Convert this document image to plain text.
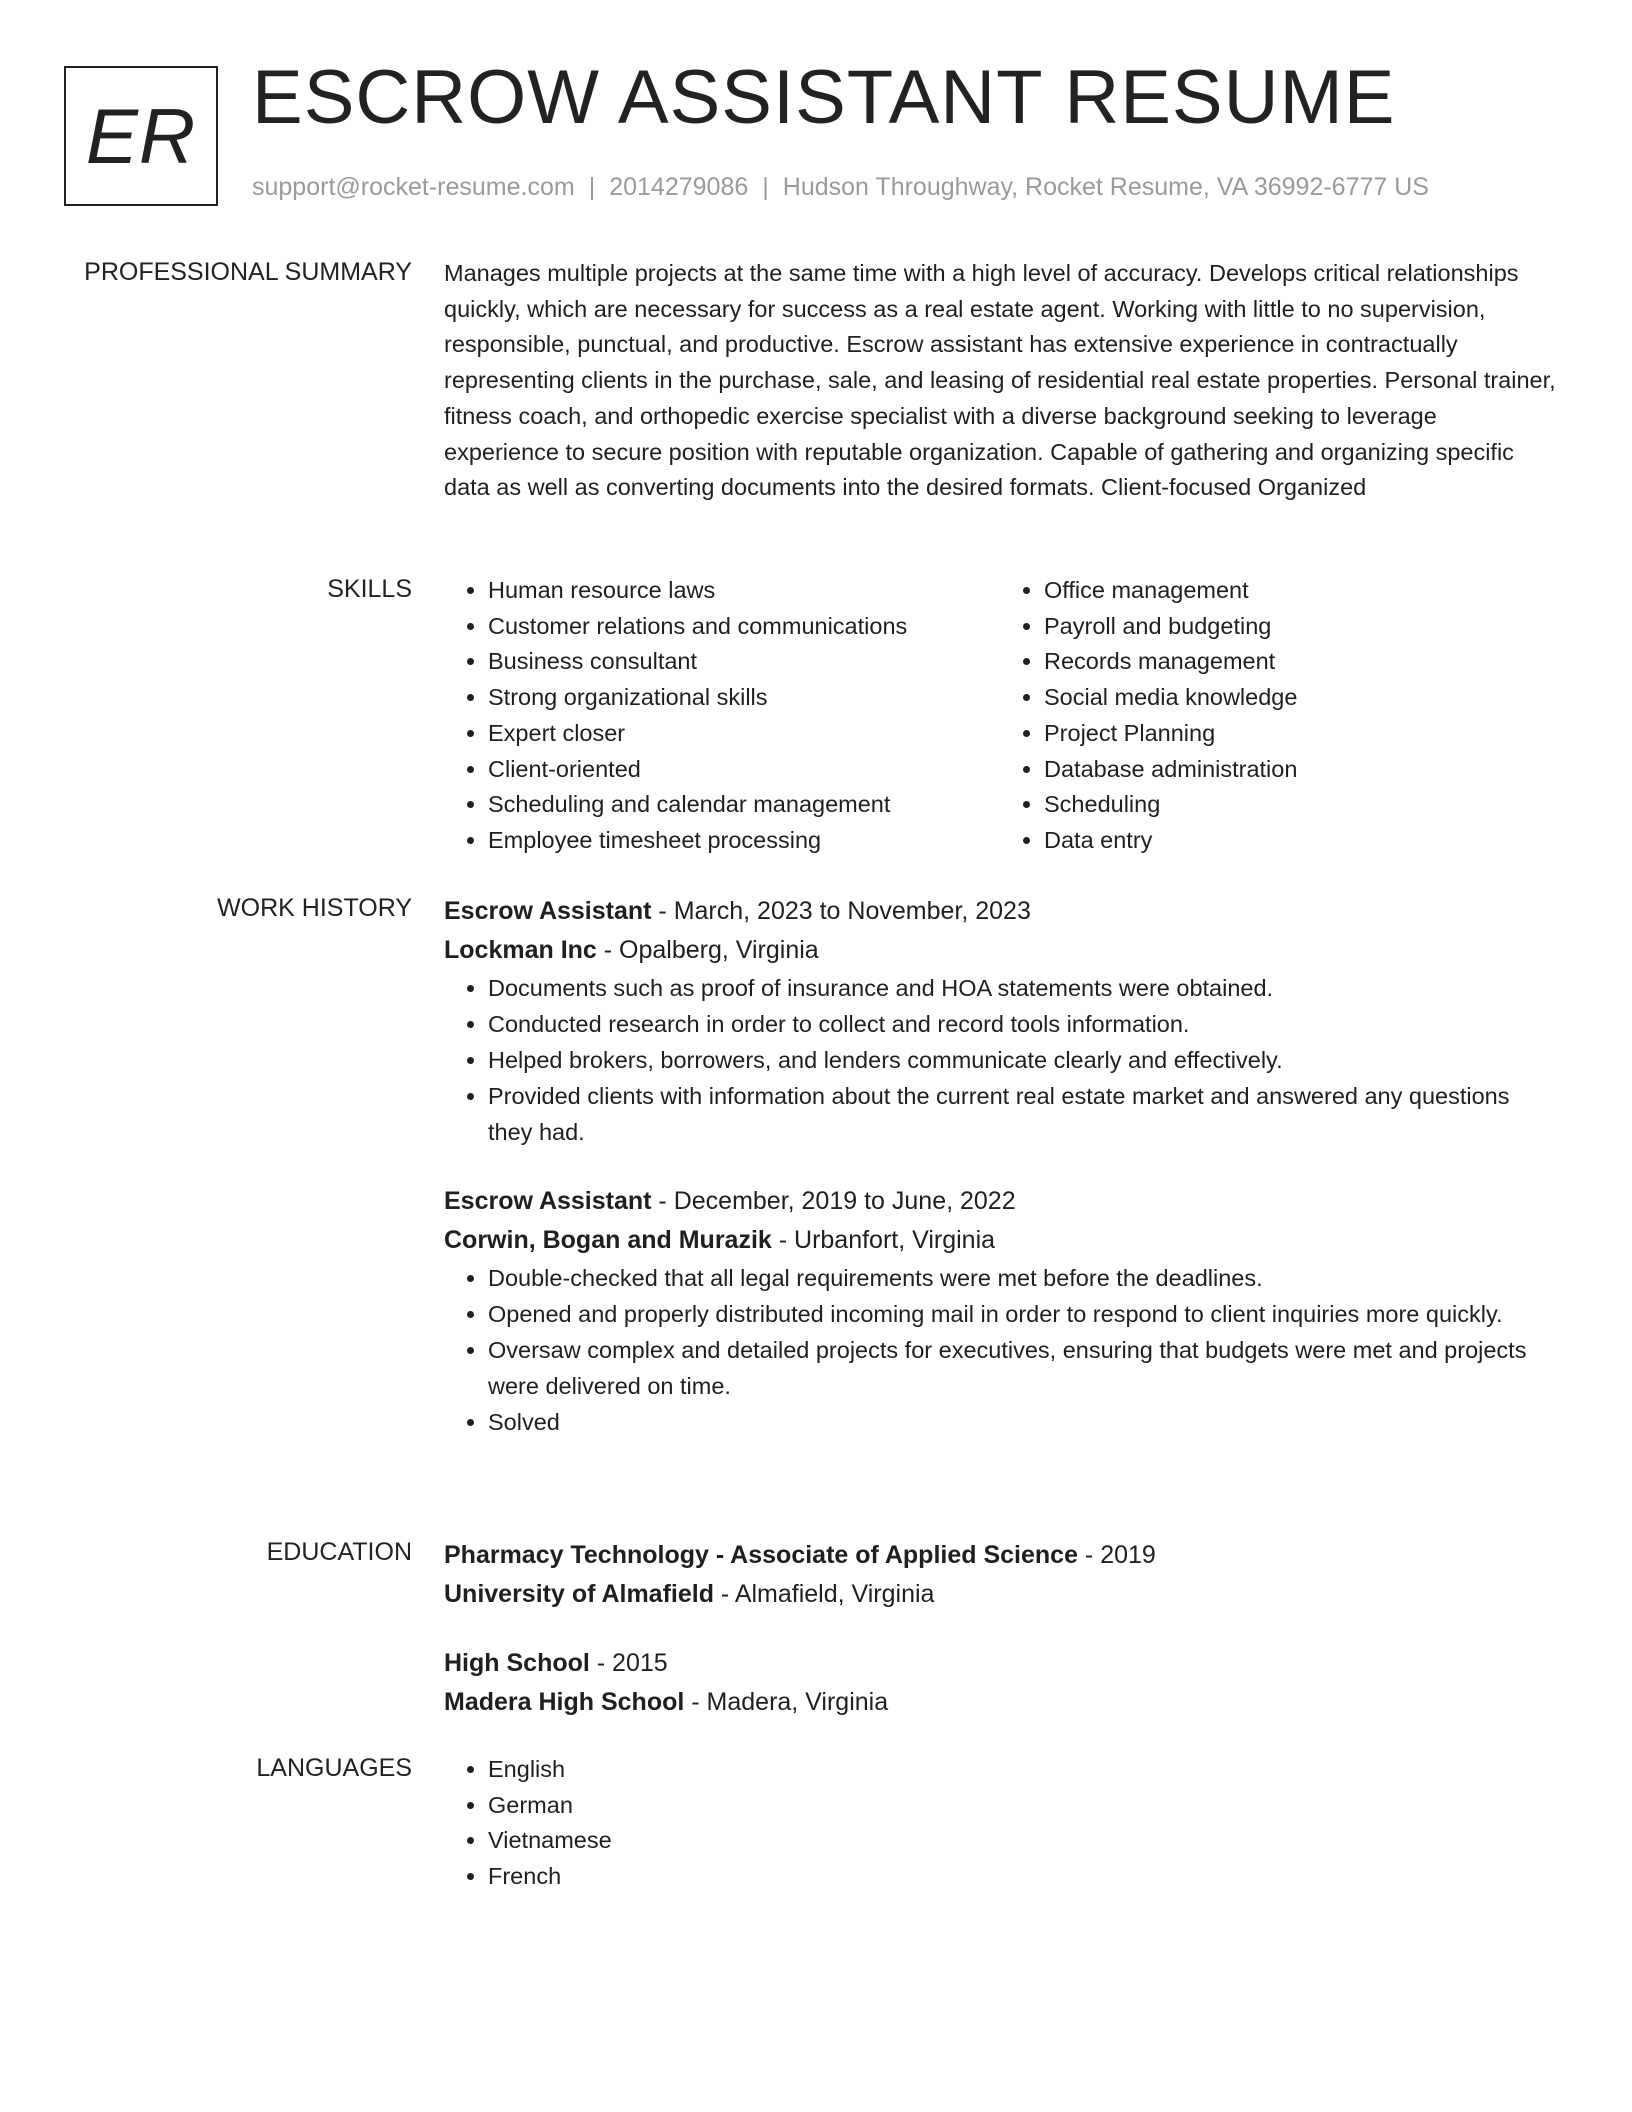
ER ESCROW ASSISTANT RESUME
support@rocket-resume.com | 2014279086 | Hudson Throughway, Rocket Resume, VA 36992-6777 US
PROFESSIONAL SUMMARY Manages multiple projects at the same time with a high level of accuracy. Develops critical relationships quickly, which are necessary for success as a real estate agent. Working with little to no supervision, responsible, punctual, and productive. Escrow assistant has extensive experience in contractually representing clients in the purchase, sale, and leasing of residential real estate properties. Personal trainer, fitness coach, and orthopedic exercise specialist with a diverse background seeking to leverage experience to secure position with reputable organization. Capable of gathering and organizing specific data as well as converting documents into the desired formats. Client-focused Organized

SKILLS	• Human resource laws
• Customer relations and communications
• Business consultant
• Strong organizational skills
• Expert closer
• Client-oriented
• Scheduling and calendar management
• Employee timesheet processing
• Office management
• Payroll and budgeting
• Records management
• Social media knowledge
• Project Planning
• Database administration
• Scheduling
• Data entry
WORK HISTORY Escrow Assistant - March, 2023 to November, 2023
Lockman Inc - Opalberg, Virginia
• Documents such as proof of insurance and HOA statements were obtained.
• Conducted research in order to collect and record tools information.
• Helped brokers, borrowers, and lenders communicate clearly and effectively.
• Provided clients with information about the current real estate market and answered any questions they had.
Escrow Assistant - December, 2019 to June, 2022
Corwin, Bogan and Murazik - Urbanfort, Virginia
• Double-checked that all legal requirements were met before the deadlines.
• Opened and properly distributed incoming mail in order to respond to client inquiries more quickly.
• Oversaw complex and detailed projects for executives, ensuring that budgets were met and projects were delivered on time.
• Solved
EDUCATION Pharmacy Technology - Associate of Applied Science - 2019
University of Almafield - Almafield, Virginia
High School - 2015
Madera High School - Madera, Virginia
LANGUAGES	• English
• German
• Vietnamese
• French
